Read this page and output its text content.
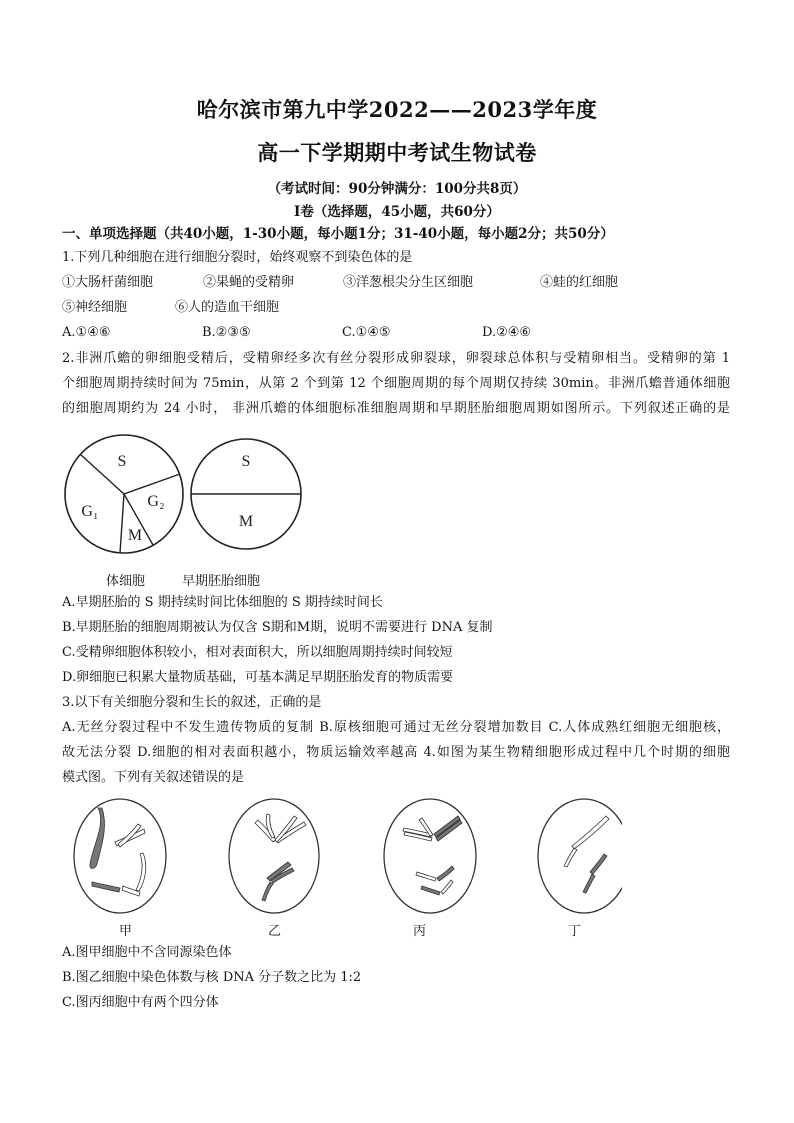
哈尔滨市第九中学2022——2023学年度
高一下学期期中考试生物试卷
（考试时间：90分钟满分：100分共8页）
I卷（选择题，45小题，共60分）
一、单项选择题（共40小题，1-30小题，每小题1分；31-40小题，每小题2分；共50分）
1.下列几种细胞在进行细胞分裂时，始终观察不到染色体的是
①大肠杆菌细胞	②果蝇的受精卵	③洋葱根尖分生区细胞	④蛙的红细胞
⑤神经细胞	⑥人的造血干细胞
A.①④⑥	B.②③⑤	C.①④⑤	D.②④⑥
2.非洲爪蟾的卵细胞受精后，受精卵经多次有丝分裂形成卵裂球，卵裂球总体积与受精卵相当。受精卵的第 1
个细胞周期持续时间为 75min，从第 2 个到第 12 个细胞周期的每个周期仅持续 30min。非洲爪蟾普通体细胞
的细胞周期约为 24 小时， 非洲爪蟾的体细胞标准细胞周期和早期胚胎细胞周期如图所示。下列叙述正确的是
S
G₁
G₂
M
S
M
体细胞	早期胚胎细胞
A.早期胚胎的 S 期持续时间比体细胞的 S 期持续时间长
B.早期胚胎的细胞周期被认为仅含 S期和M期，说明不需要进行 DNA 复制
C.受精卵细胞体积较小，相对表面积大，所以细胞周期持续时间较短
D.卵细胞已积累大量物质基础，可基本满足早期胚胎发育的物质需要
3.以下有关细胞分裂和生长的叙述，正确的是
A.无丝分裂过程中不发生遗传物质的复制 B.原核细胞可通过无丝分裂增加数目 C.人体成熟红细胞无细胞核，
故无法分裂 D.细胞的相对表面积越小，物质运输效率越高 4.如图为某生物精细胞形成过程中几个时期的细胞
模式图。下列有关叙述错误的是
甲	乙	丙	丁
A.图甲细胞中不含同源染色体
B.图乙细胞中染色体数与核 DNA 分子数之比为 1:2
C.图丙细胞中有两个四分体
